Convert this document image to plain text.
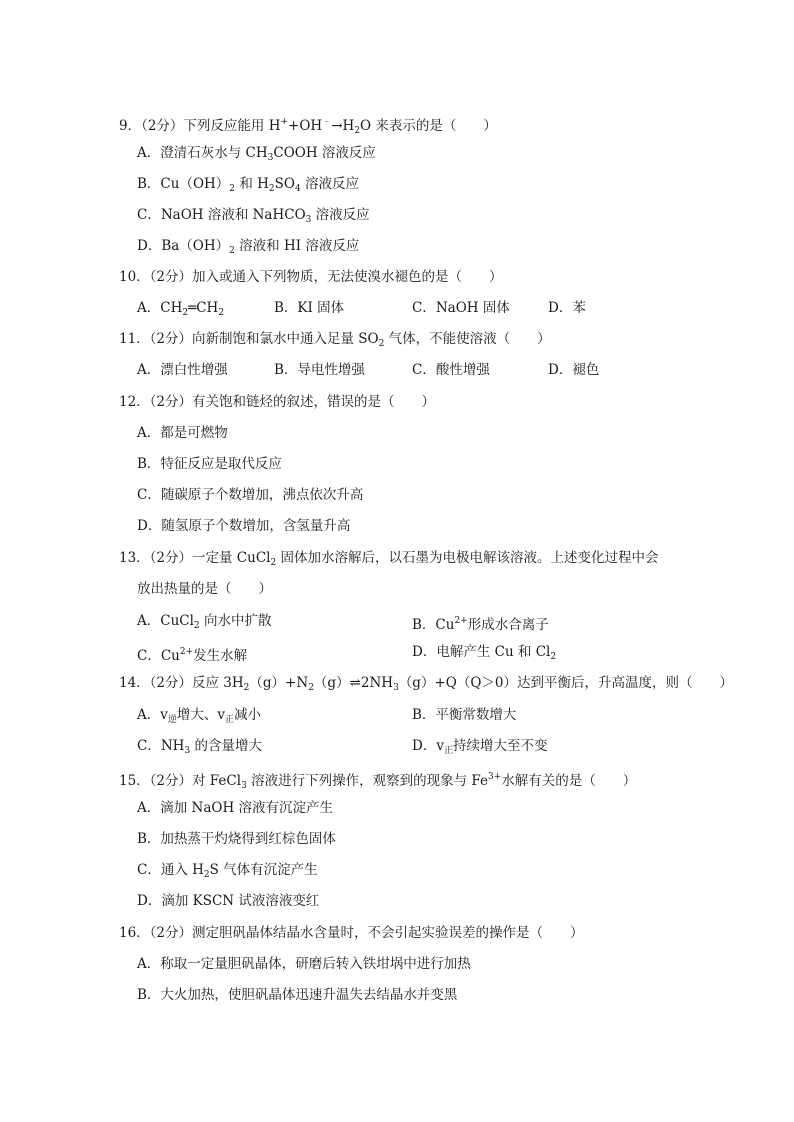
9．（2分）下列反应能用 $H^++OH^﹣\to H_2O$ 来表示的是（　　）
A．澄清石灰水与 $CH_3COOH$ 溶液反应
B．$Cu(OH)_2$ 和 $H_2SO_4$ 溶液反应
C．NaOH 溶液和 NaHCO$_3$ 溶液反应
D．$Ba(OH)_2$ 溶液和 HI 溶液反应
10．（2分）加入或通入下列物质，无法使溴水褪色的是（　　）
A．$CH_2═CH_2$	B．KI 固体	C．NaOH 固体	D．苯
11．（2分）向新制饱和氯水中通入足量 $SO_2$ 气体，不能使溶液（　　）
A．漂白性增强	B．导电性增强	C．酸性增强	D．褪色
12．（2分）有关饱和链烃的叙述，错误的是（　　）
A．都是可燃物
B．特征反应是取代反应
C．随碳原子个数增加，沸点依次升高
D．随氢原子个数增加，含氢量升高
13．（2分）一定量 CuCl$_2$ 固体加水溶解后，以石墨为电极电解该溶液。上述变化过程中会
放出热量的是（　　）
A．CuCl$_2$ 向水中扩散	B．$Cu^{2+}$形成水合离子
C．$Cu^{2+}$发生水解	D．电解产生 Cu 和 $Cl_2$
14．（2分）反应 $3H_2(g)+N_2(g)\rightleftharpoons 2NH_3(g)+Q(Q>0)$达到平衡后，升高温度，则（　　）
A．$v_逆$增大、$v_正$减小	B．平衡常数增大
C．$NH_3$ 的含量增大	D．$v_正$持续增大至不变
15．（2分）对 FeCl$_3$ 溶液进行下列操作，观察到的现象与 $Fe^{3+}$水解有关的是（　　）
A．滴加 NaOH 溶液有沉淀产生
B．加热蒸干灼烧得到红棕色固体
C．通入 $H_2S$ 气体有沉淀产生
D．滴加 KSCN 试液溶液变红
16．（2分）测定胆矾晶体结晶水含量时，不会引起实验误差的操作是（　　）
A．称取一定量胆矾晶体，研磨后转入铁坩埚中进行加热
B．大火加热，使胆矾晶体迅速升温失去结晶水并变黑
